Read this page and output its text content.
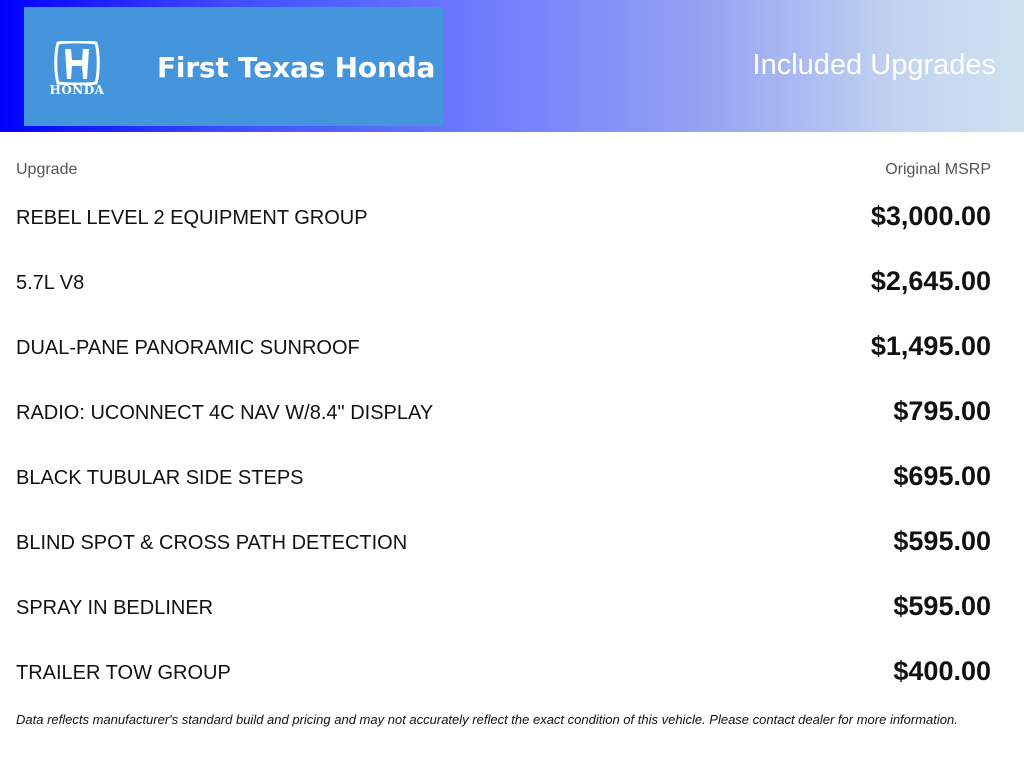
HONDA
First Texas Honda	Included Upgrades
Upgrade	Original MSRP
REBEL LEVEL 2 EQUIPMENT GROUP	$3,000.00
5.7L V8	$2,645.00
DUAL-PANE PANORAMIC SUNROOF	$1,495.00
RADIO: UCONNECT 4C NAV W/8.4" DISPLAY	$795.00
BLACK TUBULAR SIDE STEPS	$695.00
BLIND SPOT & CROSS PATH DETECTION	$595.00
SPRAY IN BEDLINER	$595.00
TRAILER TOW GROUP	$400.00
Data reflects manufacturer's standard build and pricing and may not accurately reflect the exact condition of this vehicle. Please contact dealer for more information.
